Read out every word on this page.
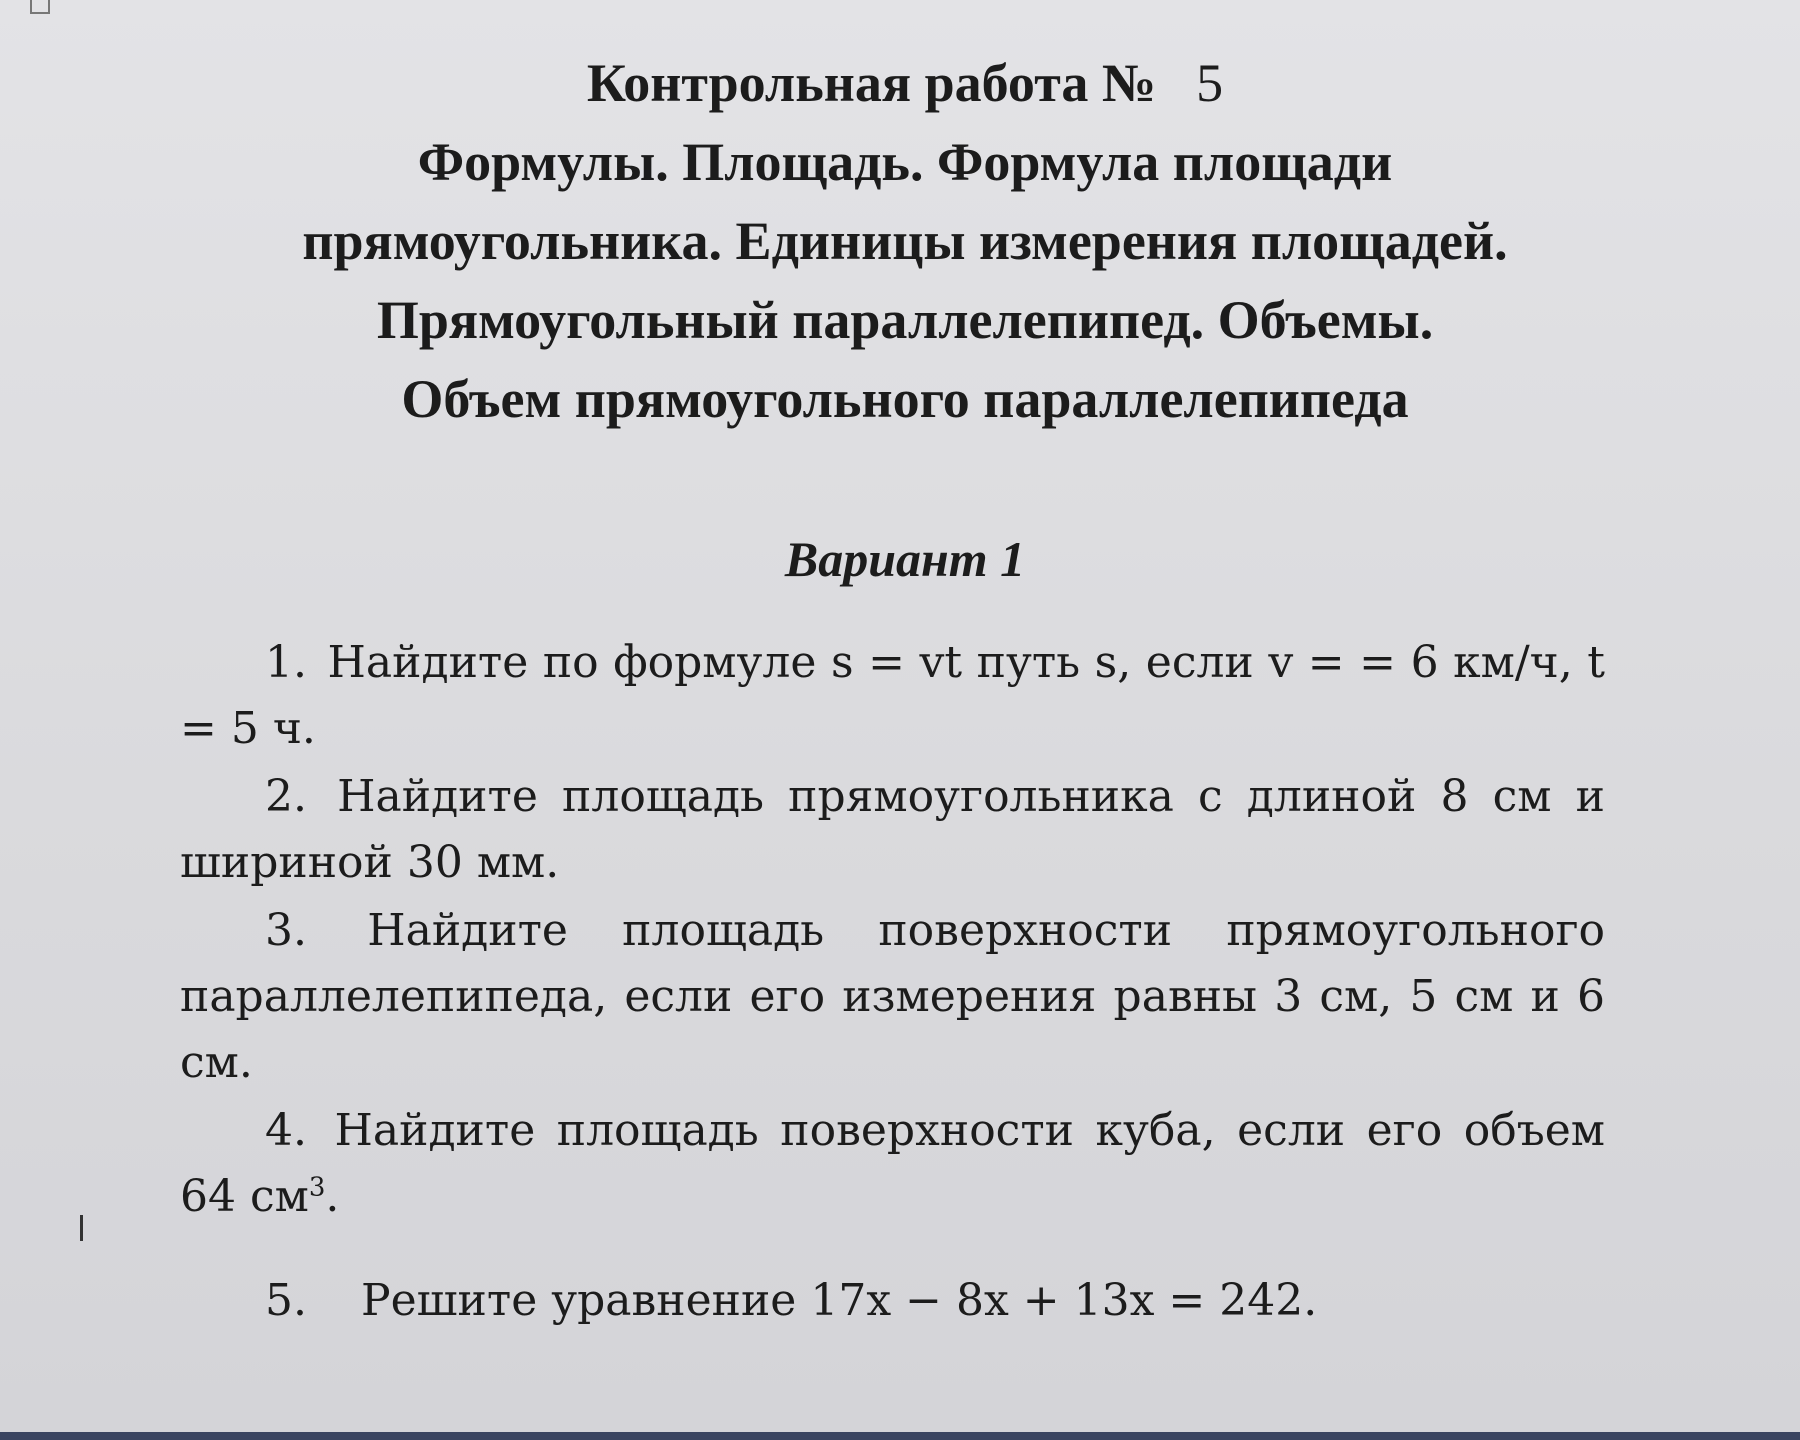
Контрольная работа № 5
Формулы. Площадь. Формула площади
прямоугольника. Единицы измерения площадей.
Прямоугольный параллелепипед. Объемы.
Объем прямоугольного параллелепипеда
Вариант 1

1. Найдите по формуле s = vt путь s, если v = = 6 км/ч, t = 5 ч.

2. Найдите площадь прямоугольника с длиной 8 см и шириной 30 мм.

3. Найдите площадь поверхности прямоугольного параллелепипеда, если его измерения равны 3 см, 5 см и 6 см.

4. Найдите площадь поверхности куба, если его объем 64 $см^3$.

5. Решите уравнение 17x − 8x + 13x = 242.
